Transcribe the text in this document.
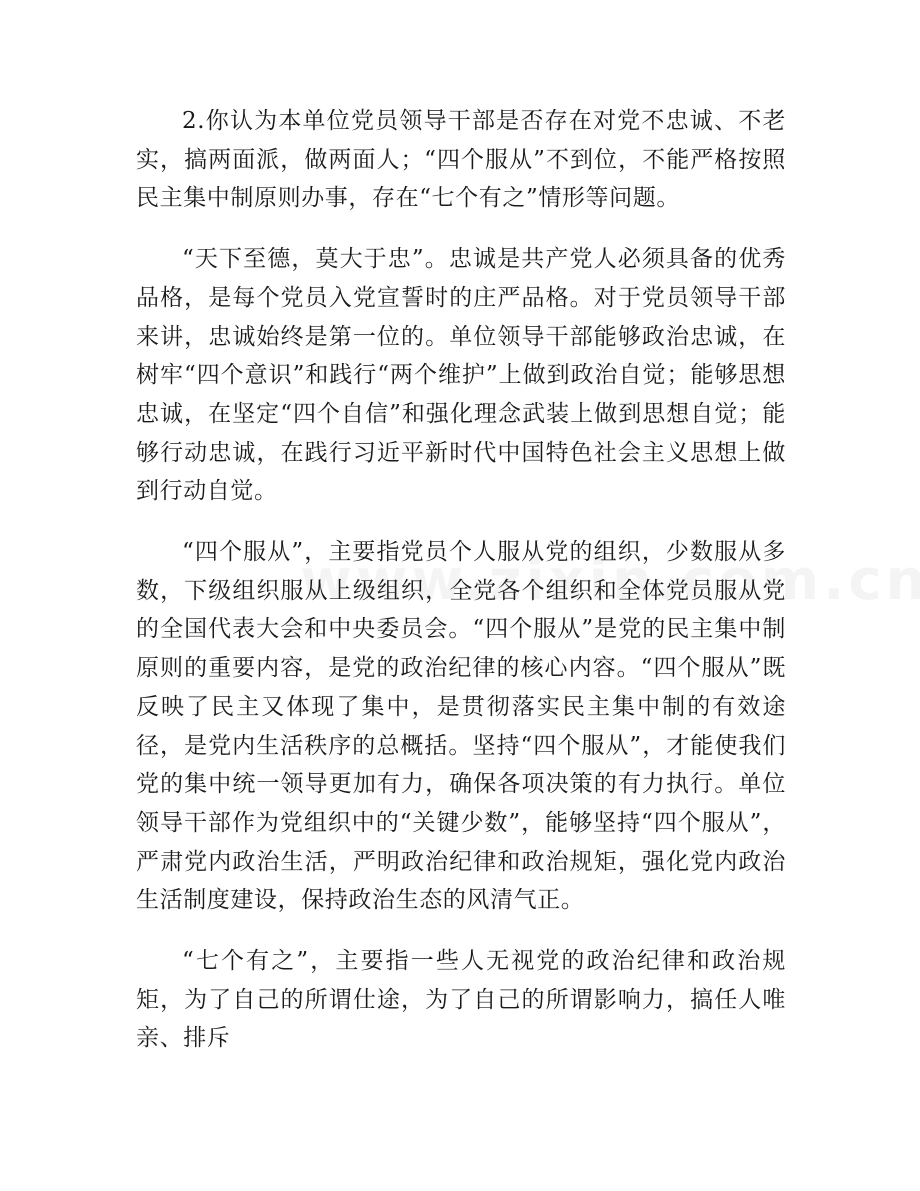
2.你认为本单位党员领导干部是否存在对党不忠诚、不老实，搞两面派，做两面人；“四个服从”不到位，不能严格按照民主集中制原则办事，存在“七个有之”情形等问题。

“天下至德，莫大于忠”。忠诚是共产党人必须具备的优秀品格，是每个党员入党宣誓时的庄严品格。对于党员领导干部来讲，忠诚始终是第一位的。单位领导干部能够政治忠诚，在树牢“四个意识”和践行“两个维护”上做到政治自觉；能够思想忠诚，在坚定“四个自信”和强化理念武装上做到思想自觉；能够行动忠诚，在践行习近平新时代中国特色社会主义思想上做到行动自觉。

“四个服从”，主要指党员个人服从党的组织，少数服从多数，下级组织服从上级组织，全党各个组织和全体党员服从党的全国代表大会和中央委员会。“四个服从”是党的民主集中制原则的重要内容，是党的政治纪律的核心内容。“四个服从”既反映了民主又体现了集中，是贯彻落实民主集中制的有效途径，是党内生活秩序的总概括。坚持“四个服从”，才能使我们党的集中统一领导更加有力，确保各项决策的有力执行。单位领导干部作为党组织中的“关键少数”，能够坚持“四个服从”，严肃党内政治生活，严明政治纪律和政治规矩，强化党内政治生活制度建设，保持政治生态的风清气正。

“七个有之”，主要指一些人无视党的政治纪律和政治规矩，为了自己的所谓仕途，为了自己的所谓影响力，搞任人唯亲、排斥
